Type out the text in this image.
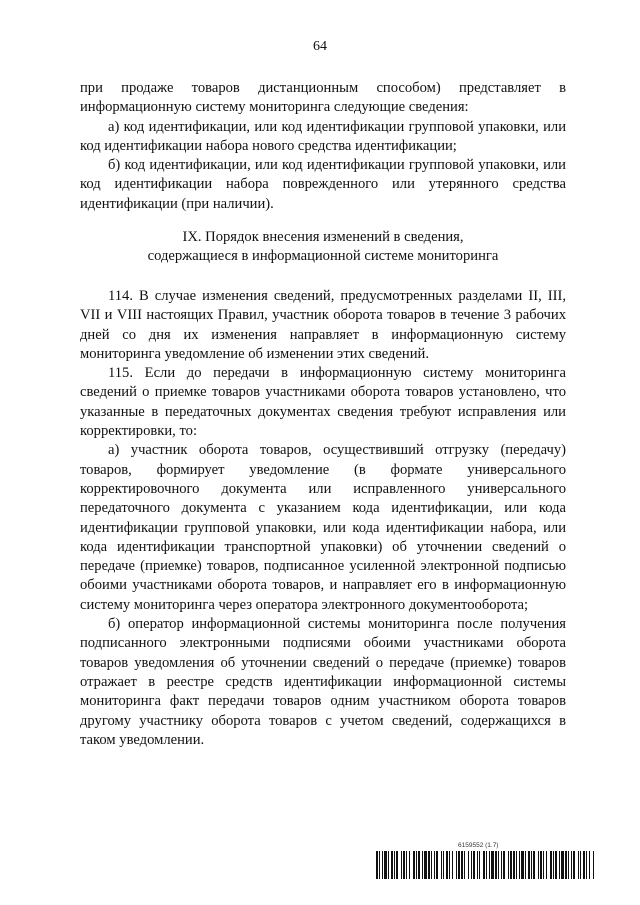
64

при продаже товаров дистанционным способом) представляет в информационную систему мониторинга следующие сведения:

а) код идентификации, или код идентификации групповой упаковки, или код идентификации набора нового средства идентификации;

б) код идентификации, или код идентификации групповой упаковки, или код идентификации набора поврежденного или утерянного средства идентификации (при наличии).

IX. Порядок внесения изменений в сведения,
содержащиеся в информационной системе мониторинга

114. В случае изменения сведений, предусмотренных разделами II, III, VII и VIII настоящих Правил, участник оборота товаров в течение 3 рабочих дней со дня их изменения направляет в информационную систему мониторинга уведомление об изменении этих сведений.

115. Если до передачи в информационную систему мониторинга сведений о приемке товаров участниками оборота товаров установлено, что указанные в передаточных документах сведения требуют исправления или корректировки, то:

а) участник оборота товаров, осуществивший отгрузку (передачу) товаров, формирует уведомление (в формате универсального корректировочного документа или исправленного универсального передаточного документа с указанием кода идентификации, или кода идентификации групповой упаковки, или кода идентификации набора, или кода идентификации транспортной упаковки) об уточнении сведений о передаче (приемке) товаров, подписанное усиленной электронной подписью обоими участниками оборота товаров, и направляет его в информационную систему мониторинга через оператора электронного документооборота;

б) оператор информационной системы мониторинга после получения подписанного электронными подписями обоими участниками оборота товаров уведомления об уточнении сведений о передаче (приемке) товаров отражает в реестре средств идентификации информационной системы мониторинга факт передачи товаров одним участником оборота товаров другому участнику оборота товаров с учетом сведений, содержащихся в таком уведомлении.

6159552 (1.7)
